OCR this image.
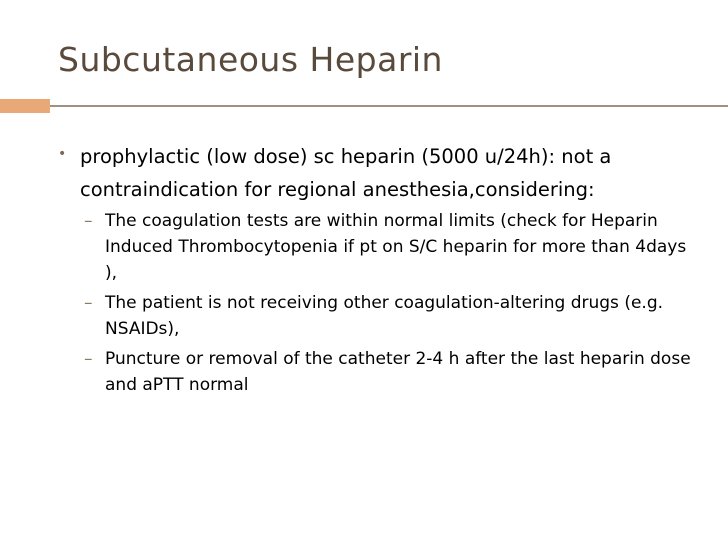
Subcutaneous Heparin
• prophylactic (low dose) sc heparin (5000 u/24h): not a contraindication for regional anesthesia,considering:
– The coagulation tests are within normal limits (check for Heparin Induced Thrombocytopenia if pt on S/C heparin for more than 4days ),
– The patient is not receiving other coagulation-altering drugs (e.g. NSAIDs),
– Puncture or removal of the catheter 2-4 h after the last heparin dose and aPTT normal
